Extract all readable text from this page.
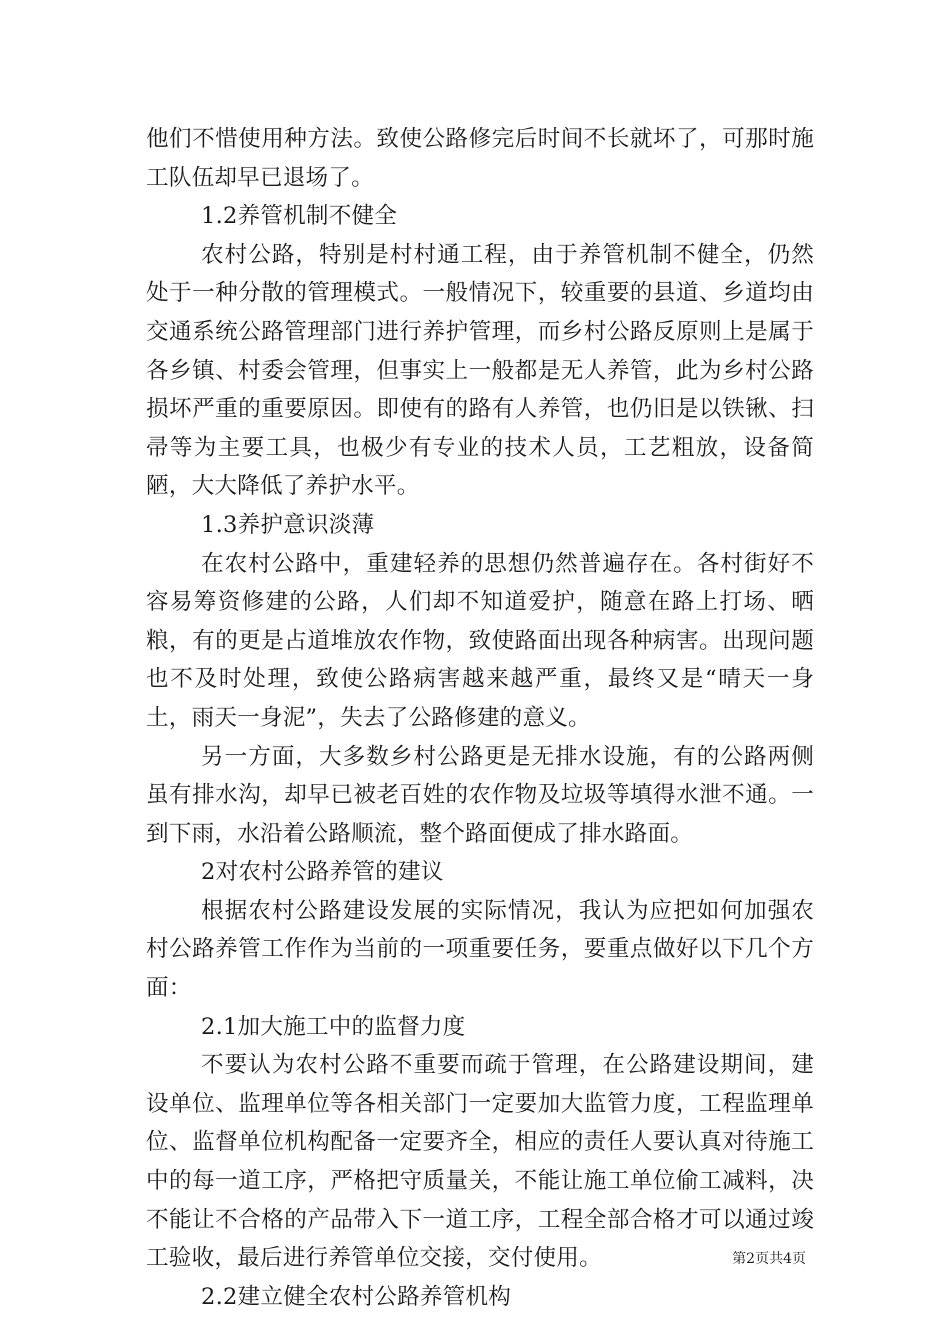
他们不惜使用种方法。致使公路修完后时间不长就坏了，可那时施工队伍却早已退场了。

1.2养管机制不健全

农村公路，特别是村村通工程，由于养管机制不健全，仍然处于一种分散的管理模式。一般情况下，较重要的县道、乡道均由交通系统公路管理部门进行养护管理，而乡村公路反原则上是属于各乡镇、村委会管理，但事实上一般都是无人养管，此为乡村公路损坏严重的重要原因。即使有的路有人养管，也仍旧是以铁锹、扫帚等为主要工具，也极少有专业的技术人员，工艺粗放，设备简陋，大大降低了养护水平。

1.3养护意识淡薄

在农村公路中，重建轻养的思想仍然普遍存在。各村街好不容易筹资修建的公路，人们却不知道爱护，随意在路上打场、晒粮，有的更是占道堆放农作物，致使路面出现各种病害。出现问题也不及时处理，致使公路病害越来越严重，最终又是“晴天一身土，雨天一身泥”，失去了公路修建的意义。

另一方面，大多数乡村公路更是无排水设施，有的公路两侧虽有排水沟，却早已被老百姓的农作物及垃圾等填得水泄不通。一到下雨，水沿着公路顺流，整个路面便成了排水路面。

2对农村公路养管的建议

根据农村公路建设发展的实际情况，我认为应把如何加强农村公路养管工作作为当前的一项重要任务，要重点做好以下几个方面：

2.1加大施工中的监督力度

不要认为农村公路不重要而疏于管理，在公路建设期间，建设单位、监理单位等各相关部门一定要加大监管力度，工程监理单位、监督单位机构配备一定要齐全，相应的责任人要认真对待施工中的每一道工序，严格把守质量关，不能让施工单位偷工减料，决不能让不合格的产品带入下一道工序，工程全部合格才可以通过竣工验收，最后进行养管单位交接，交付使用。

2.2建立健全农村公路养管机构

第2页共4页
